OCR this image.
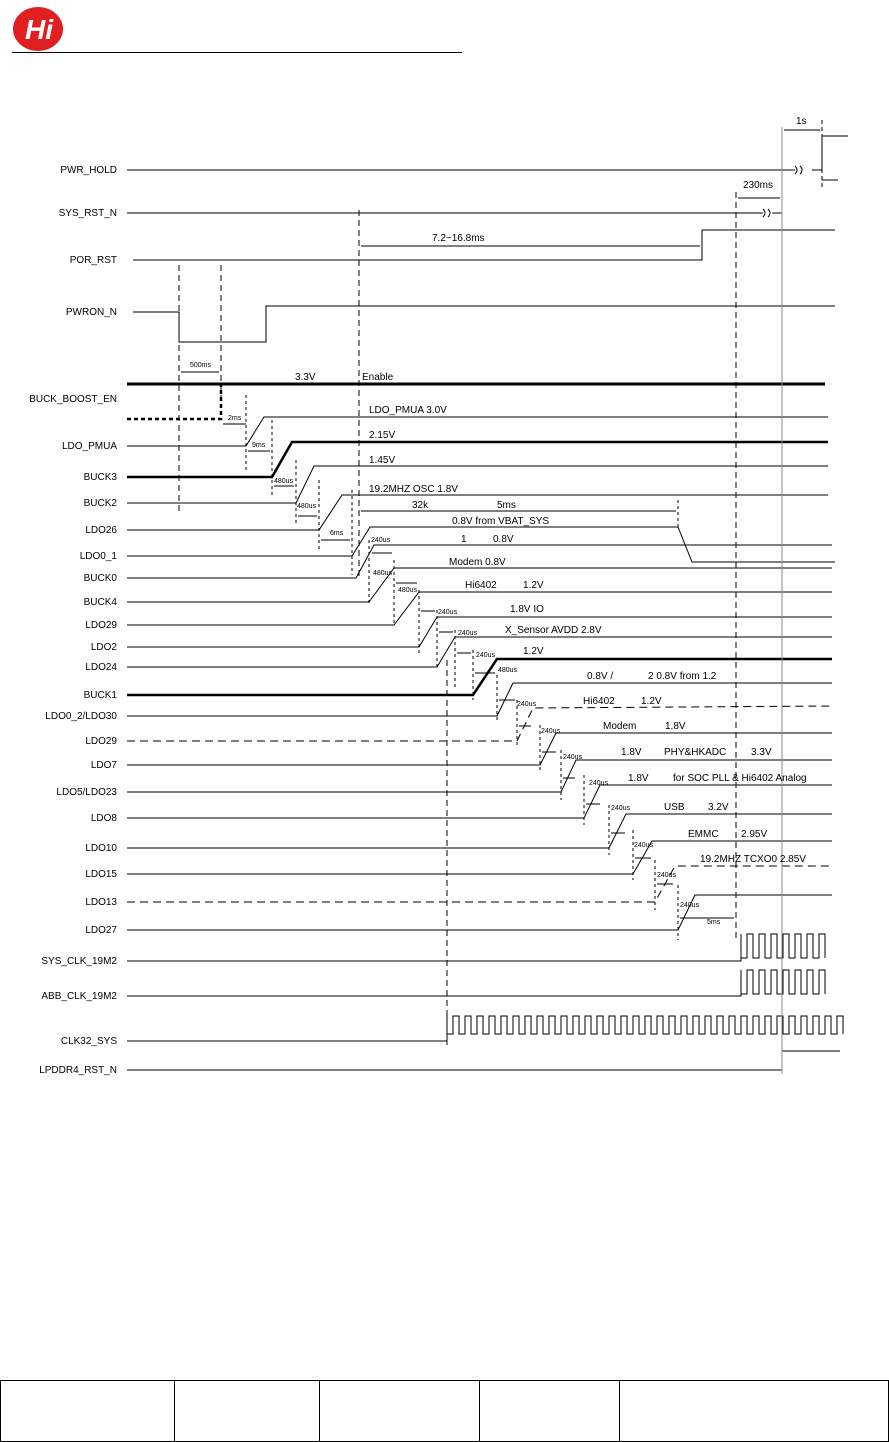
Hi
PWR_HOLD
SYS_RST_N
POR_RST
PWRON_N
BUCK_BOOST_EN
LDO_PMUA
BUCK3
BUCK2
LDO26
LDO0_1
BUCK0
BUCK4
LDO29
LDO2
LDO24
BUCK1
LDO0_2/LDO30
LDO29
LDO7
LDO5/LDO23
LDO8
LDO10
LDO15
LDO13
LDO27
SYS_CLK_19M2
ABB_CLK_19M2
CLK32_SYS
LPDDR4_RST_N
1s
230ms
7.2~16.8ms
500ms
3.3V	Enable
2ms
LDO_PMUA 3.0V
9ms
2.15V
1.45V
19.2MHZ OSC 1.8V
32k	5ms
6ms
0.8V from VBAT_SYS
1	0.8V
Modem 0.8V
Hi6402	1.2V
1.8V IO
X_Sensor AVDD 2.8V
1.2V
0.8V /	2 0.8V from 1.2
Hi6402	1.2V
Modem	1.8V
1.8V PHY&HKADC 3.3V
1.8V for SOC PLL & Hi6402 Analog
USB 3.2V
EMMC 2.95V
19.2MHZ TCXO0 2.85V
5ms
480us
480us
240us
480us
480us
240us
240us
240us
480us
240us
240us
240us
240us
240us
240us
240us
240us
